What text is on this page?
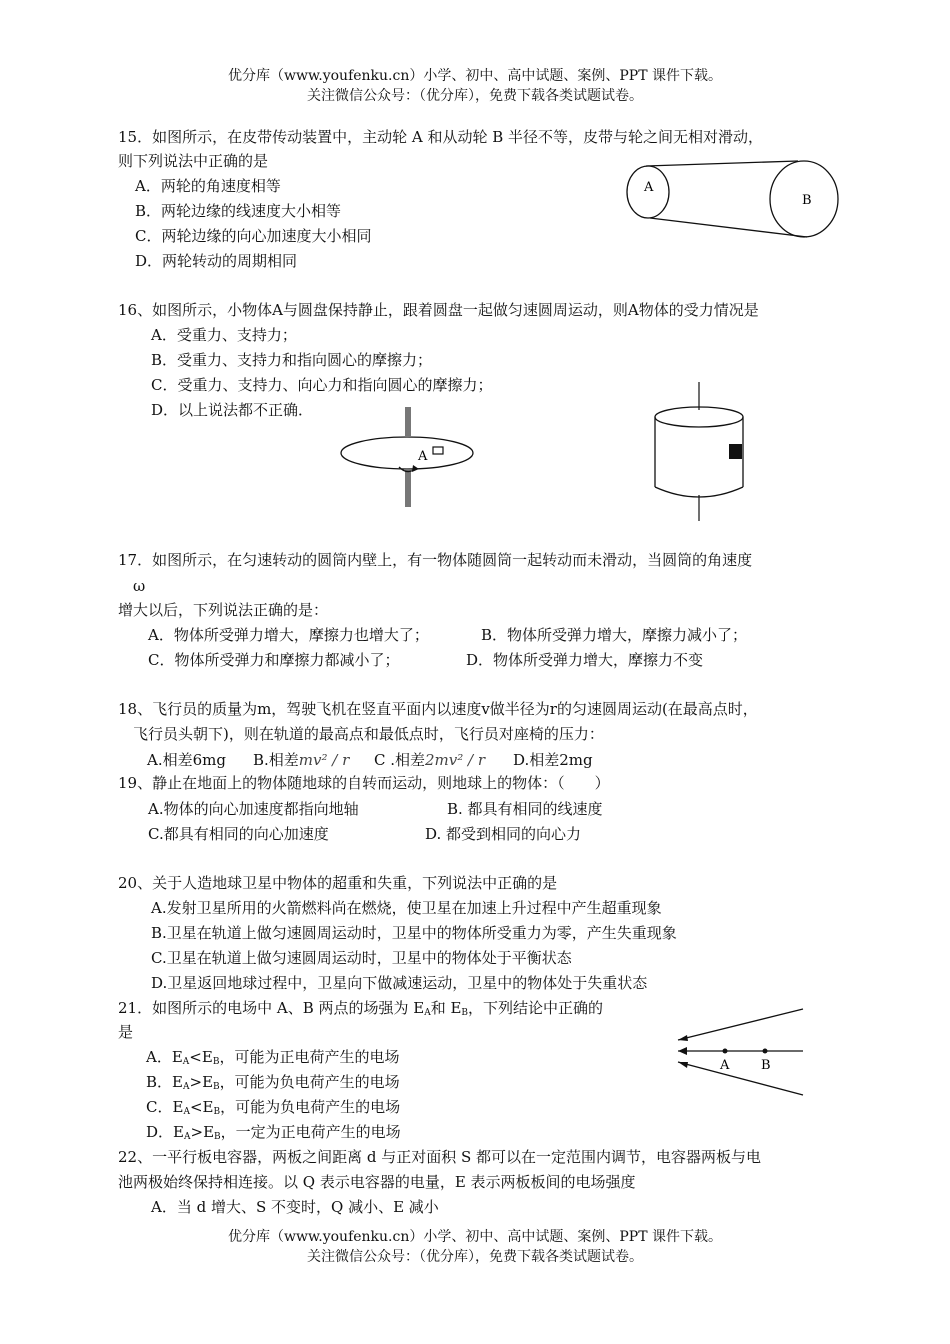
优分库（www.youfenku.cn）小学、初中、高中试题、案例、PPT 课件下载。
关注微信公众号：（优分库），免费下载各类试题试卷。
15．如图所示，在皮带传动装置中，主动轮 A 和从动轮 B 半径不等，皮带与轮之间无相对滑动，
则下列说法中正确的是
A．两轮的角速度相等
B．两轮边缘的线速度大小相等
C．两轮边缘的向心加速度大小相同
D．两轮转动的周期相同
A
B
16、如图所示，小物体A与圆盘保持静止，跟着圆盘一起做匀速圆周运动，则A物体的受力情况是
A．受重力、支持力；
B．受重力、支持力和指向圆心的摩擦力；
C．受重力、支持力、向心力和指向圆心的摩擦力；
D．以上说法都不正确．
A
17．如图所示，在匀速转动的圆筒内壁上，有一物体随圆筒一起转动而未滑动，当圆筒的角速度
ω
增大以后，下列说法正确的是：
A．物体所受弹力增大，摩擦力也增大了；	B．物体所受弹力增大，摩擦力减小了；
C．物体所受弹力和摩擦力都减小了；	D．物体所受弹力增大，摩擦力不变
18、飞行员的质量为m，驾驶飞机在竖直平面内以速度v做半径为r的匀速圆周运动(在最高点时，
飞行员头朝下)，则在轨道的最高点和最低点时，飞行员对座椅的压力：
A.相差6mg B.相差mv² / r C .相差2mv² / r D.相差2mg
19、静止在地面上的物体随地球的自转而运动，则地球上的物体：（　　）
A.物体的向心加速度都指向地轴	B. 都具有相同的线速度
C.都具有相同的向心加速度	D. 都受到相同的向心力
20、关于人造地球卫星中物体的超重和失重，下列说法中正确的是
A.发射卫星所用的火箭燃料尚在燃烧，使卫星在加速上升过程中产生超重现象
B.卫星在轨道上做匀速圆周运动时，卫星中的物体所受重力为零，产生失重现象
C.卫星在轨道上做匀速圆周运动时，卫星中的物体处于平衡状态
D.卫星返回地球过程中，卫星向下做减速运动，卫星中的物体处于失重状态
21．如图所示的电场中 A、B 两点的场强为 $E_A$和 $E_B$，下列结论中正确的
是
A．$E_A<E_B$，可能为正电荷产生的电场
B．$E_A>E_B$，可能为负电荷产生的电场
C．$E_A<E_B$，可能为负电荷产生的电场
D．$E_A>E_B$，一定为正电荷产生的电场
A B
22、一平行板电容器，两板之间距离 d 与正对面积 S 都可以在一定范围内调节，电容器两板与电
池两极始终保持相连接。以 Q 表示电容器的电量，E 表示两板板间的电场强度
A．当 d 增大、S 不变时，Q 减小、E 减小
优分库（www.youfenku.cn）小学、初中、高中试题、案例、PPT 课件下载。
关注微信公众号：（优分库），免费下载各类试题试卷。
